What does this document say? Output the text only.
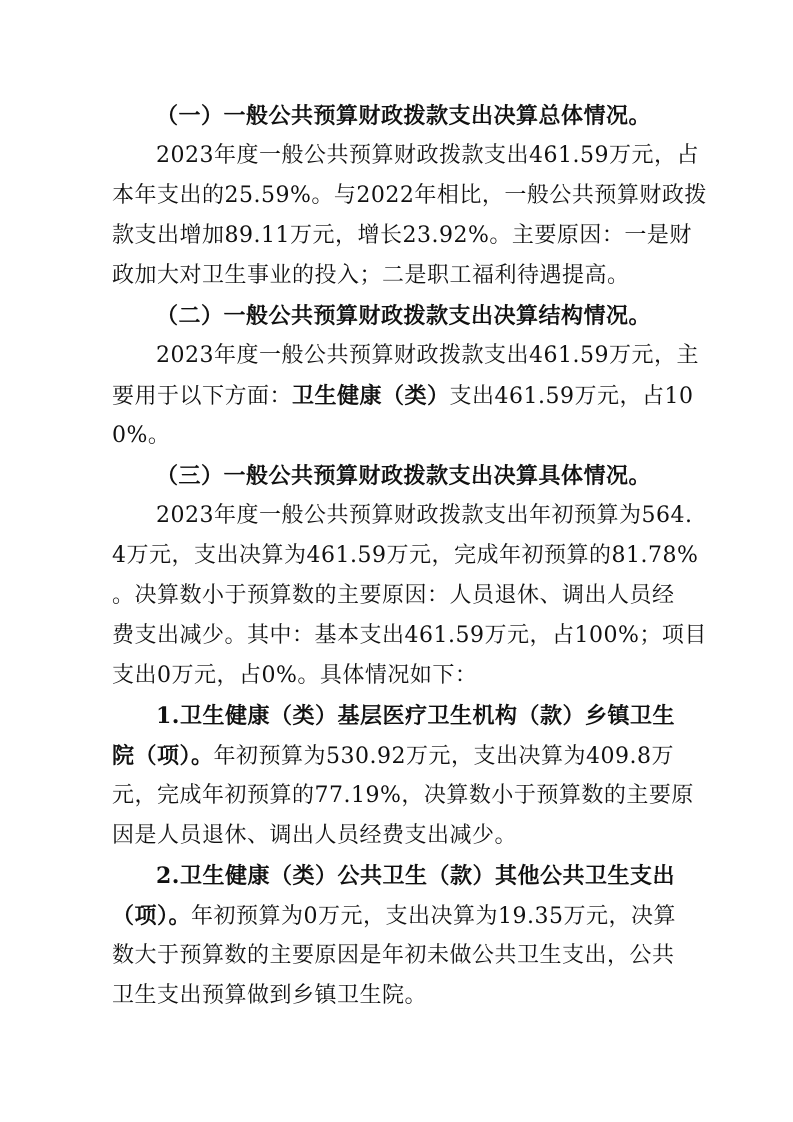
（一）一般公共预算财政拨款支出决算总体情况。
2023年度一般公共预算财政拨款支出461.59万元，占
本年支出的25.59%。与2022年相比，一般公共预算财政拨
款支出增加89.11万元，增长23.92%。主要原因：一是财
政加大对卫生事业的投入；二是职工福利待遇提高。
（二）一般公共预算财政拨款支出决算结构情况。
2023年度一般公共预算财政拨款支出461.59万元，主
要用于以下方面：卫生健康（类）支出461.59万元，占10
0%。
（三）一般公共预算财政拨款支出决算具体情况。
2023年度一般公共预算财政拨款支出年初预算为564.
4万元，支出决算为461.59万元，完成年初预算的81.78%
。决算数小于预算数的主要原因：人员退休、调出人员经
费支出减少。其中：基本支出461.59万元，占100%；项目
支出0万元，占0%。具体情况如下：
1.卫生健康（类）基层医疗卫生机构（款）乡镇卫生
院（项）。年初预算为530.92万元，支出决算为409.8万
元，完成年初预算的77.19%，决算数小于预算数的主要原
因是人员退休、调出人员经费支出减少。
2.卫生健康（类）公共卫生（款）其他公共卫生支出
（项）。年初预算为0万元，支出决算为19.35万元，决算
数大于预算数的主要原因是年初未做公共卫生支出，公共
卫生支出预算做到乡镇卫生院。
